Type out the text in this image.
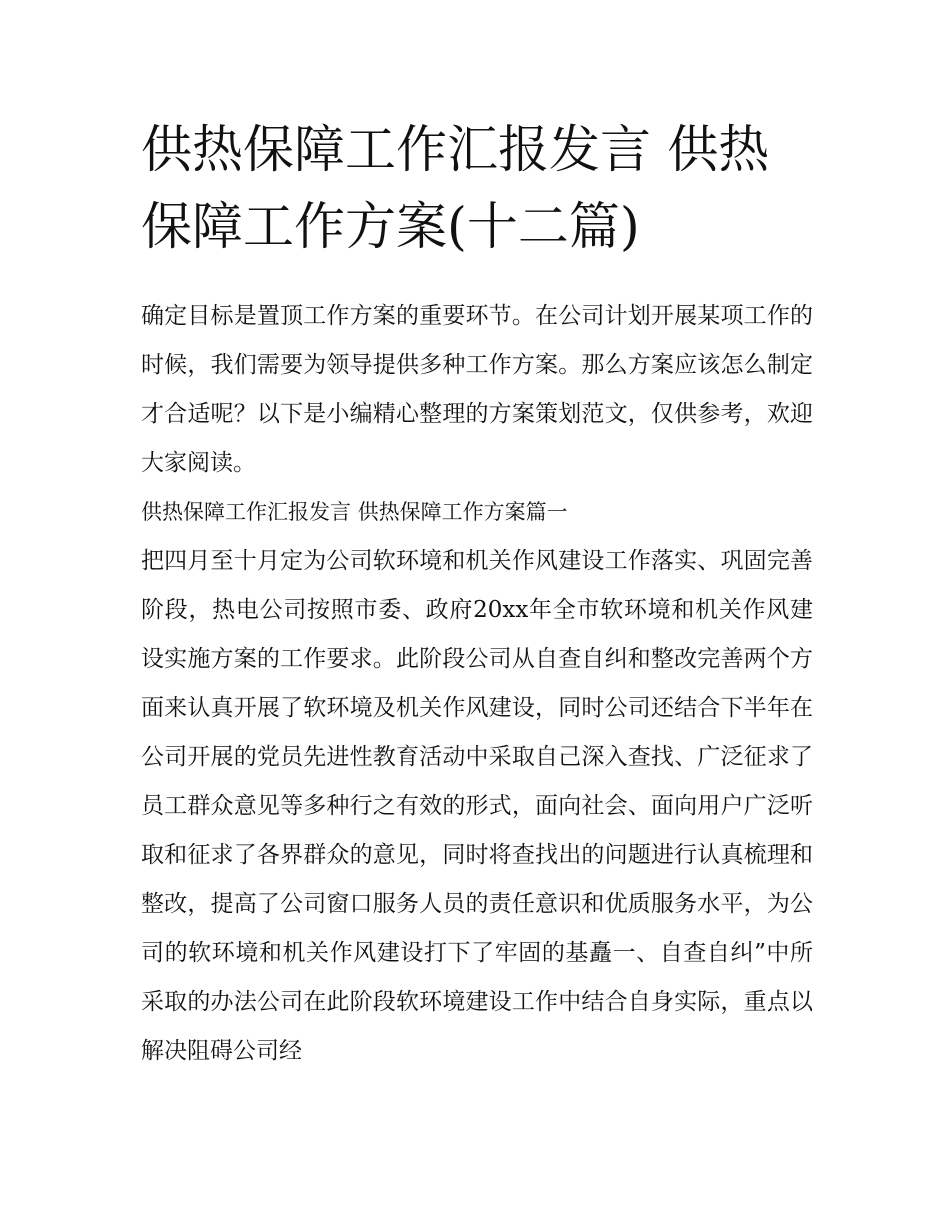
供热保障工作汇报发言 供热保障工作方案(十二篇)

确定目标是置顶工作方案的重要环节。在公司计划开展某项工作的时候，我们需要为领导提供多种工作方案。那么方案应该怎么制定才合适呢？以下是小编精心整理的方案策划范文，仅供参考，欢迎大家阅读。

供热保障工作汇报发言 供热保障工作方案篇一

把四月至十月定为公司软环境和机关作风建设工作落实、巩固完善阶段，热电公司按照市委、政府20xx年全市软环境和机关作风建设实施方案的工作要求。此阶段公司从自查自纠和整改完善两个方面来认真开展了软环境及机关作风建设，同时公司还结合下半年在公司开展的党员先进性教育活动中采取自己深入查找、广泛征求了员工群众意见等多种行之有效的形式，面向社会、面向用户广泛听取和征求了各界群众的意见，同时将查找出的问题进行认真梳理和整改，提高了公司窗口服务人员的责任意识和优质服务水平，为公司的软环境和机关作风建设打下了牢固的基矗一、自查自纠”中所采取的办法公司在此阶段软环境建设工作中结合自身实际，重点以解决阻碍公司经
